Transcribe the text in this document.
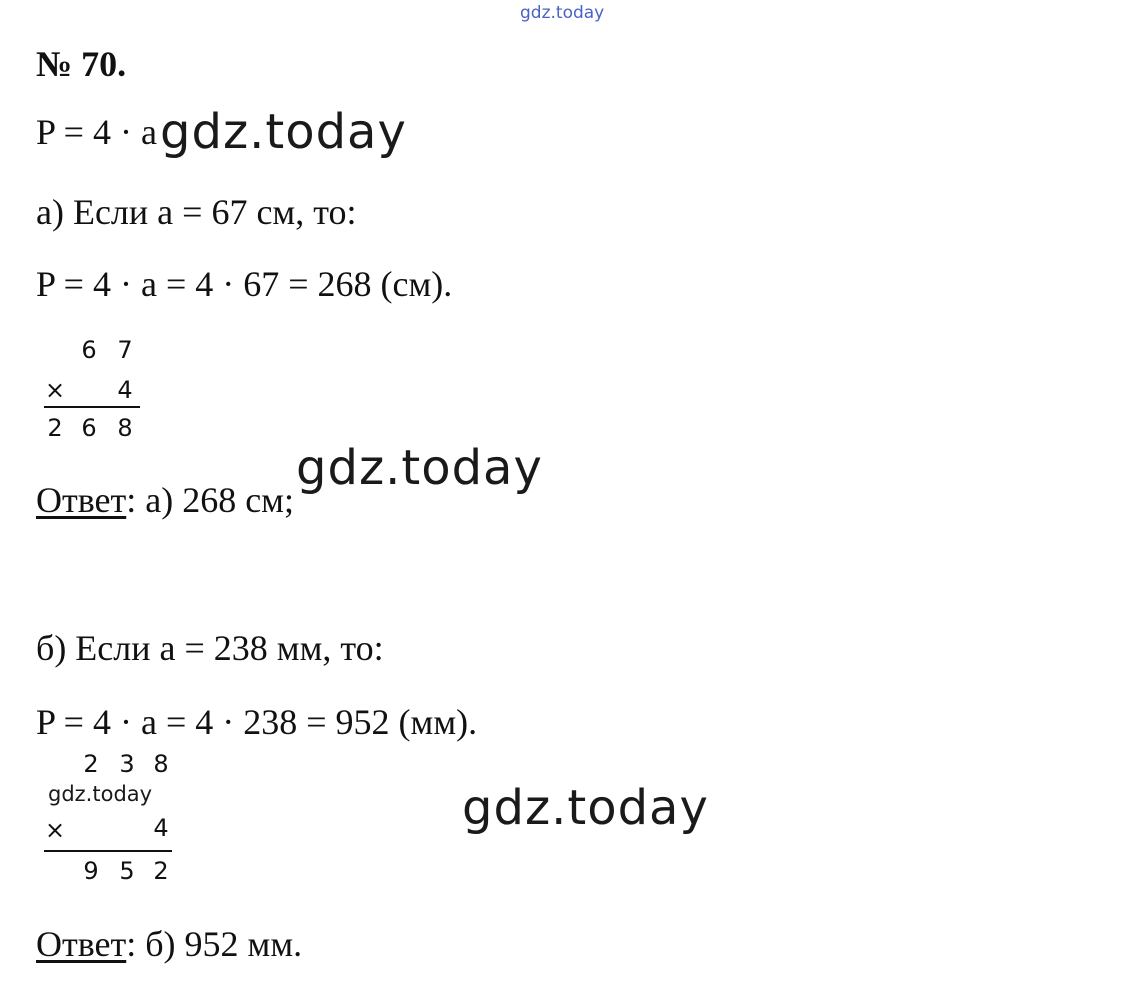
gdz.today
№ 70.
P = 4 · a gdz.today
а) Если a = 67 см, то:
P = 4 · a = 4 · 67 = 268 (см).
6 7
× 4
2 6 8
Ответ: а) 268 см;
gdz.today
б) Если a = 238 мм, то:
P = 4 · a = 4 · 238 = 952 (мм).
2 3 8
×	4
gdz.today
9 5 2
gdz.today
Ответ: б) 952 мм.
